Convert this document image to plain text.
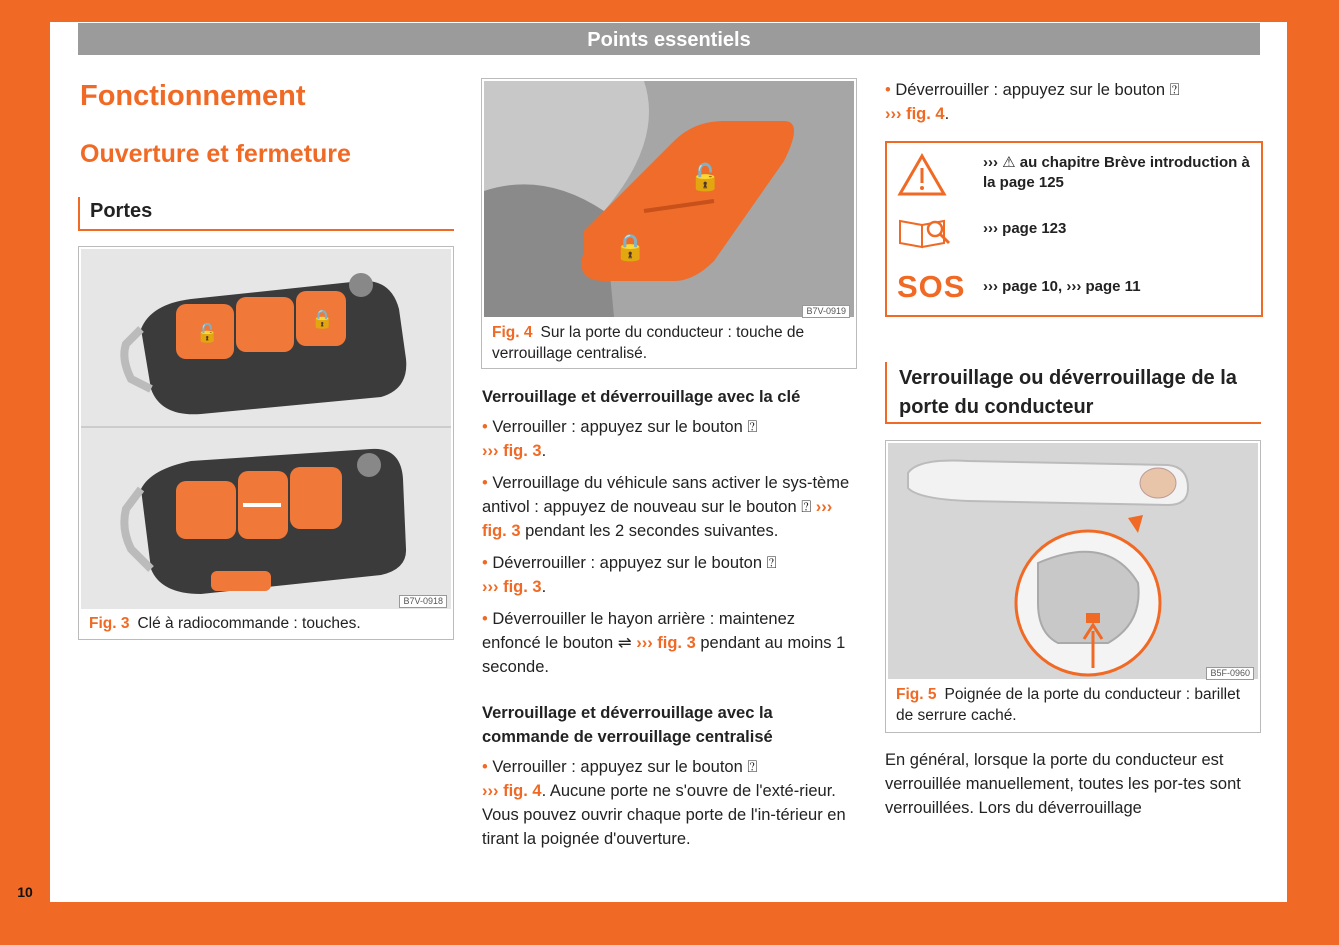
Points essentiels
10
Fonctionnement
Ouverture et fermeture
Portes
🔓
🔒
B7V-0918
Fig. 3 Clé à radiocommande : touches.
🔓
🔒
B7V-0919
Fig. 4 Sur la porte du conducteur : touche de verrouillage centralisé.
Verrouillage et déverrouillage avec la clé

• Verrouiller : appuyez sur le bouton ⍰
››› fig. 3.

• Verrouillage du véhicule sans activer le sys-tème antivol : appuyez de nouveau sur le bouton ⍰ ››› fig. 3 pendant les 2 secondes suivantes.

• Déverrouiller : appuyez sur le bouton ⍰
››› fig. 3.

• Déverrouiller le hayon arrière : maintenez enfoncé le bouton ⇌ ››› fig. 3 pendant au moins 1 seconde.

Verrouillage et déverrouillage avec la commande de verrouillage centralisé

• Verrouiller : appuyez sur le bouton ⍰
››› fig. 4. Aucune porte ne s'ouvre de l'exté-rieur. Vous pouvez ouvrir chaque porte de l'in-térieur en tirant la poignée d'ouverture.

• Déverrouiller : appuyez sur le bouton ⍰
››› fig. 4.

››› ⚠ au chapitre Brève introduction à la page 125
››› page 123
SOS ››› page 10, ››› page 11
Verrouillage ou déverrouillage de la porte du conducteur
B5F-0960
Fig. 5 Poignée de la porte du conducteur : barillet de serrure caché.
En général, lorsque la porte du conducteur est verrouillée manuellement, toutes les por-tes sont verrouillées. Lors du déverrouillage
